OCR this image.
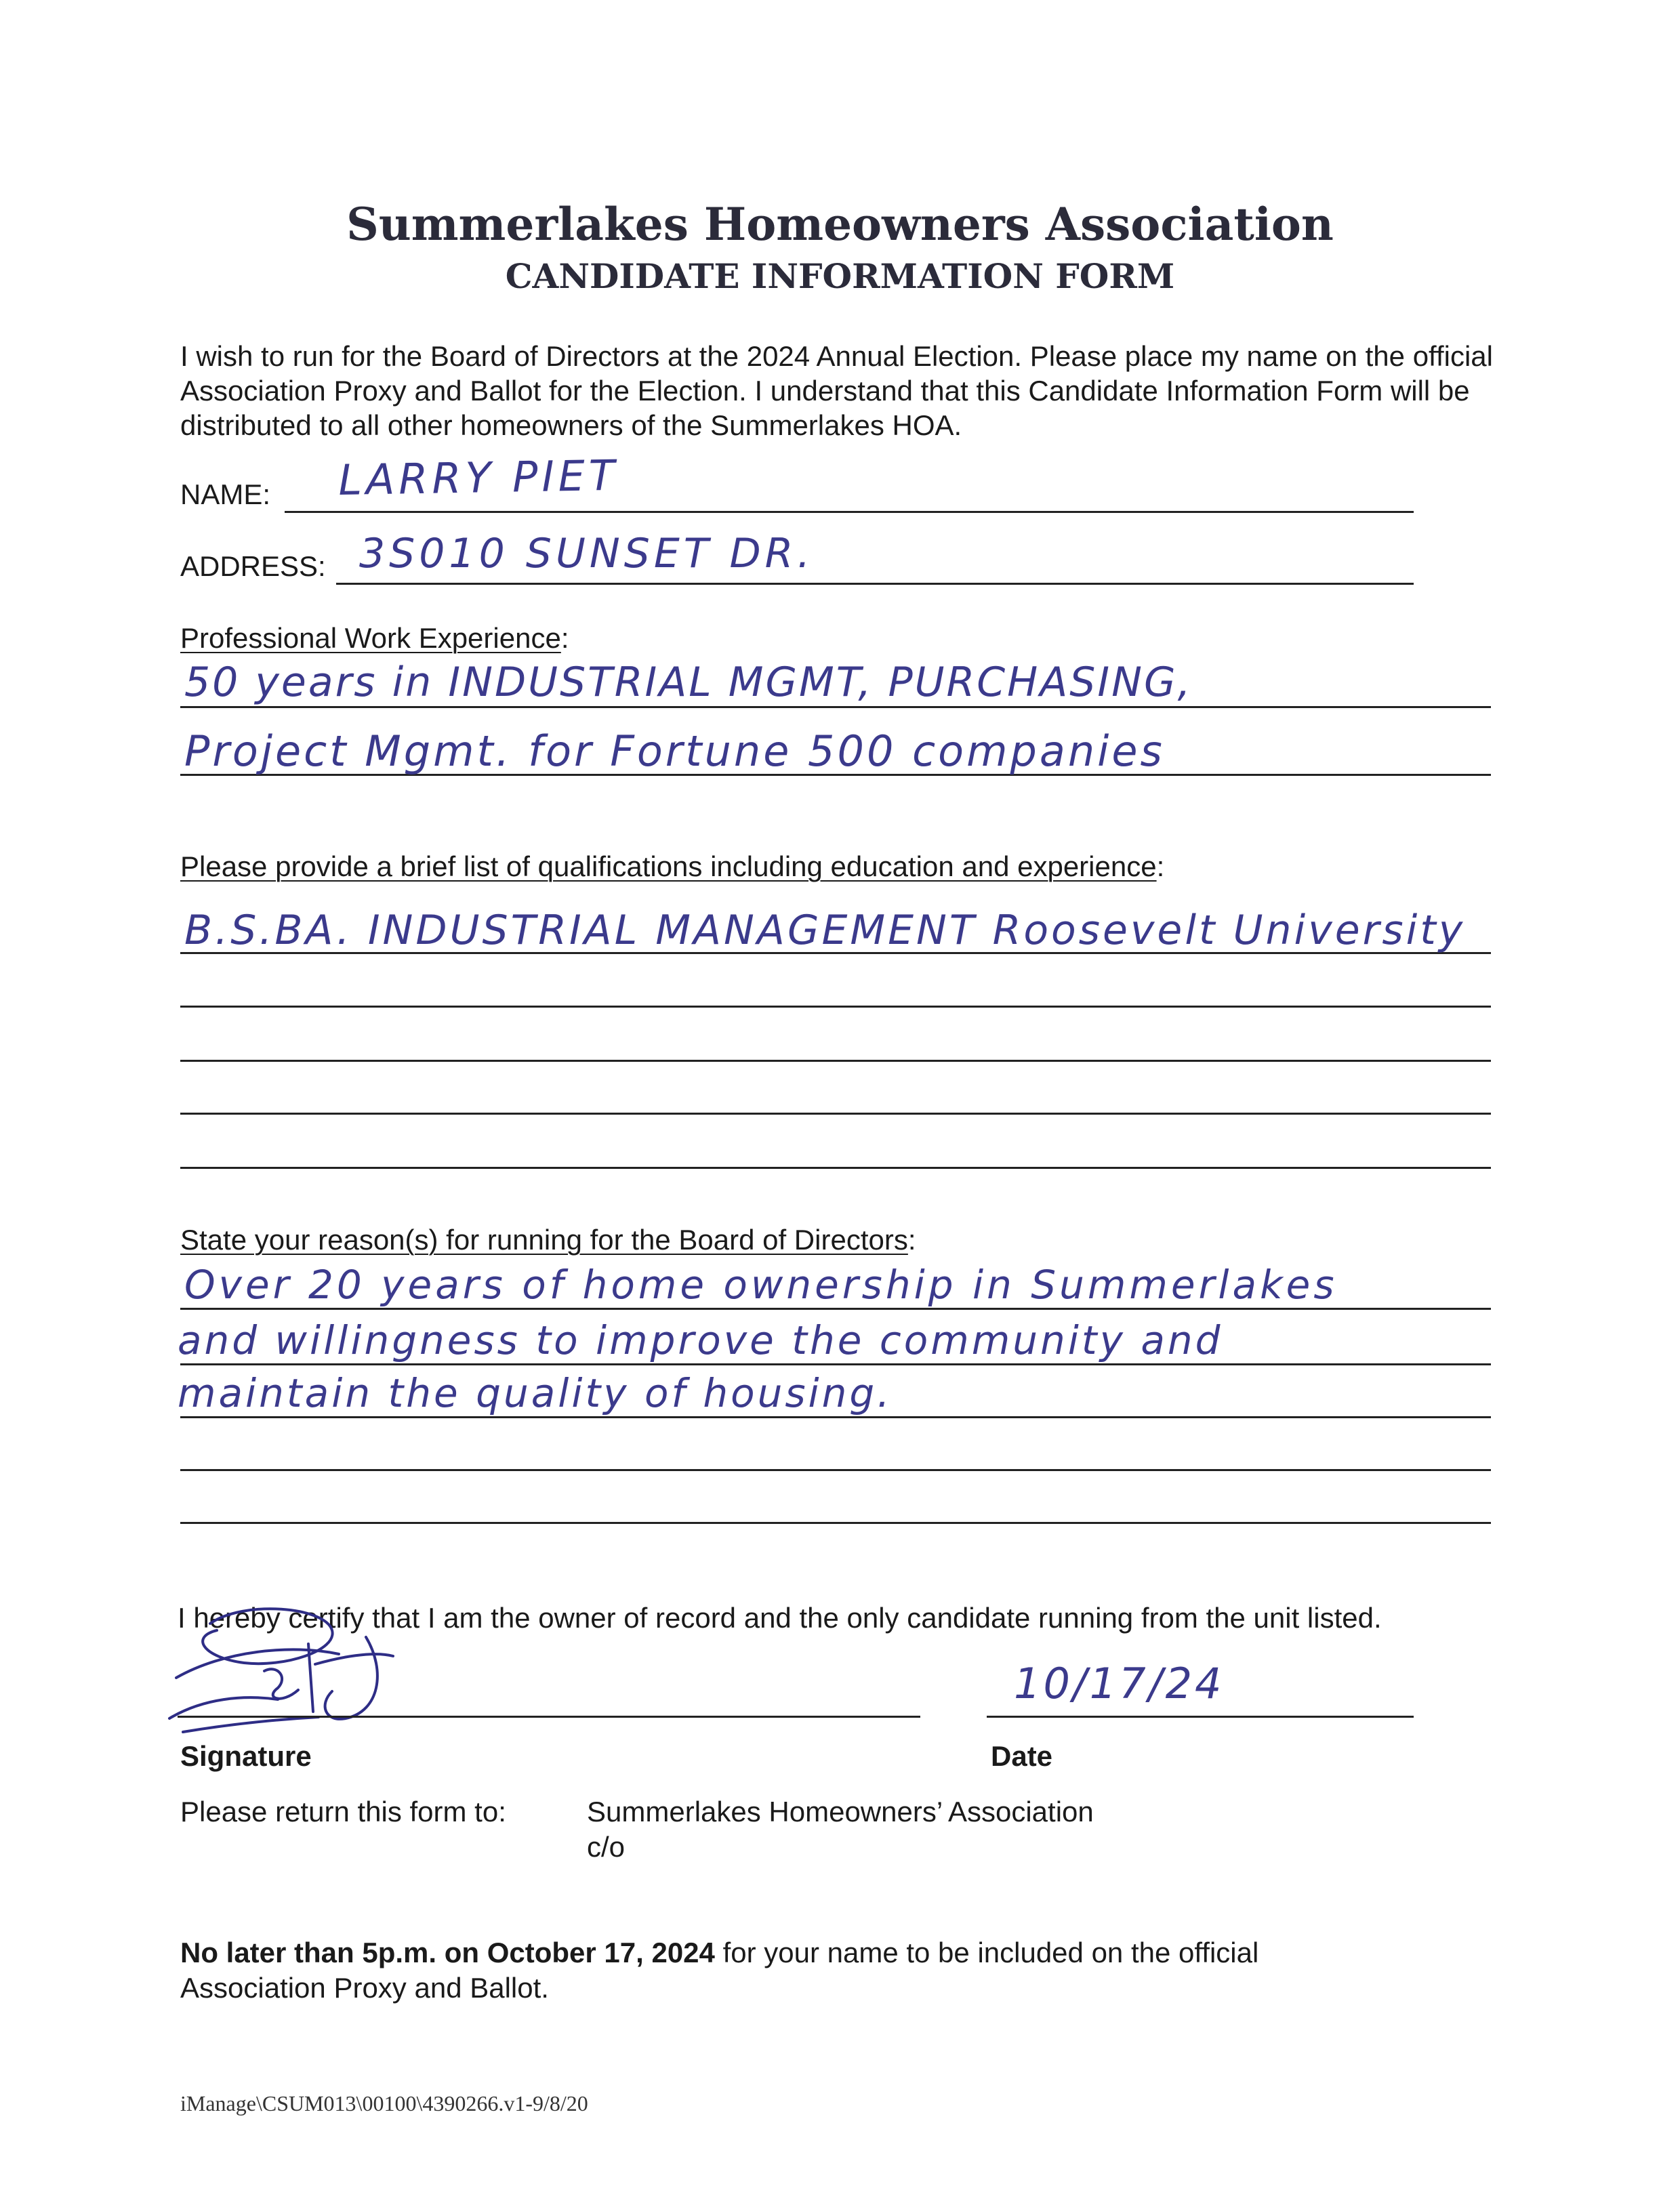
Summerlakes Homeowners Association
CANDIDATE INFORMATION FORM
I wish to run for the Board of Directors at the 2024 Annual Election. Please place my name on the official Association Proxy and Ballot for the Election. I understand that this Candidate Information Form will be distributed to all other homeowners of the Summerlakes HOA.
NAME: LARRY PIET
ADDRESS: 3S010 SUNSET DR.
Professional Work Experience:
50 years in INDUSTRIAL MGMT, PURCHASING,
Project Mgmt. for Fortune 500 companies
Please provide a brief list of qualifications including education and experience:
B.S.BA. INDUSTRIAL MANAGEMENT Roosevelt University
State your reason(s) for running for the Board of Directors:
Over 20 years of home ownership in Summerlakes
and willingness to improve the community and
maintain the quality of housing.
I hereby certify that I am the owner of record and the only candidate running from the unit listed.
10/17/24
Signature	Date
Please return this form to:	Summerlakes Homeowners’ Association
c/o
No later than 5p.m. on October 17, 2024 for your name to be included on the official
Association Proxy and Ballot.
iManage\CSUM013\00100\4390266.v1-9/8/20
